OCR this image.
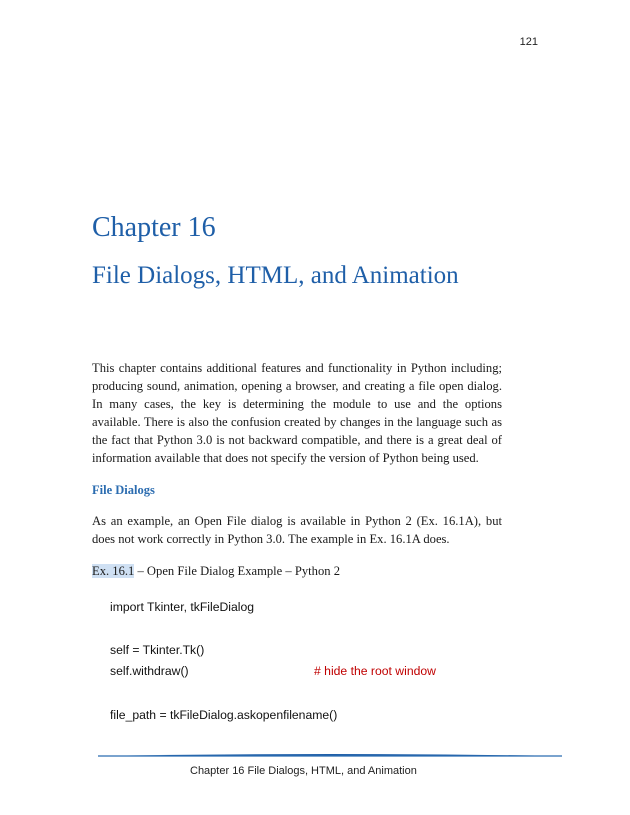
121
Chapter 16
File Dialogs, HTML, and Animation

This chapter contains additional features and functionality in Python including; producing sound, animation, opening a browser, and creating a file open dialog. In many cases, the key is determining the module to use and the options available. There is also the confusion created by changes in the language such as the fact that Python 3.0 is not backward compatible, and there is a great deal of information available that does not specify the version of Python being used.

File Dialogs

As an example, an Open File dialog is available in Python 2 (Ex. 16.1A), but does not work correctly in Python 3.0. The example in Ex. 16.1A does.

Ex. 16.1 – Open File Dialog Example – Python 2
import Tkinter, tkFileDialog
self = Tkinter.Tk()
self.withdraw()	# hide the root window
file_path = tkFileDialog.askopenfilename()
Chapter 16 File Dialogs, HTML, and Animation
